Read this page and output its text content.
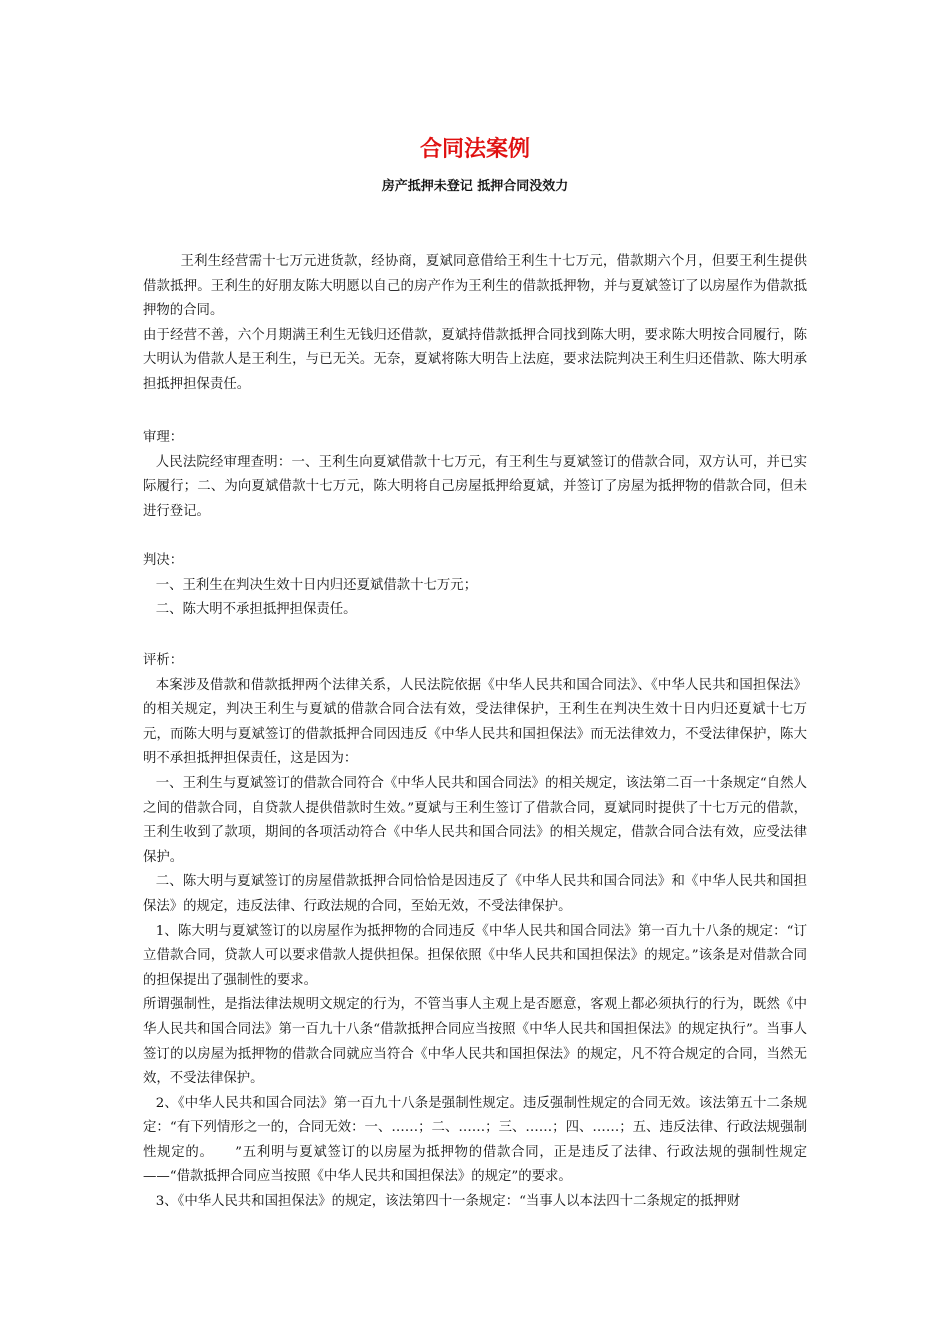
合同法案例
房产抵押未登记 抵押合同没效力

王利生经营需十七万元进货款，经协商，夏斌同意借给王利生十七万元，借款期六个月，但要王利生提供借款抵押。王利生的好朋友陈大明愿以自己的房产作为王利生的借款抵押物，并与夏斌签订了以房屋作为借款抵押物的合同。

由于经营不善，六个月期满王利生无钱归还借款，夏斌持借款抵押合同找到陈大明，要求陈大明按合同履行，陈大明认为借款人是王利生，与已无关。无奈，夏斌将陈大明告上法庭，要求法院判决王利生归还借款、陈大明承担抵押担保责任。

审理：

人民法院经审理查明：一、王利生向夏斌借款十七万元，有王利生与夏斌签订的借款合同，双方认可，并已实际履行；二、为向夏斌借款十七万元，陈大明将自己房屋抵押给夏斌，并签订了房屋为抵押物的借款合同，但未进行登记。

判决：

一、王利生在判决生效十日内归还夏斌借款十七万元；

二、陈大明不承担抵押担保责任。

评析：

本案涉及借款和借款抵押两个法律关系，人民法院依据《中华人民共和国合同法》、《中华人民共和国担保法》的相关规定，判决王利生与夏斌的借款合同合法有效，受法律保护，王利生在判决生效十日内归还夏斌十七万元，而陈大明与夏斌签订的借款抵押合同因违反《中华人民共和国担保法》而无法律效力，不受法律保护，陈大明不承担抵押担保责任，这是因为：

一、王利生与夏斌签订的借款合同符合《中华人民共和国合同法》的相关规定，该法第二百一十条规定“自然人之间的借款合同，自贷款人提供借款时生效。”夏斌与王利生签订了借款合同，夏斌同时提供了十七万元的借款，王利生收到了款项，期间的各项活动符合《中华人民共和国合同法》的相关规定，借款合同合法有效，应受法律保护。

二、陈大明与夏斌签订的房屋借款抵押合同恰恰是因违反了《中华人民共和国合同法》和《中华人民共和国担保法》的规定，违反法律、行政法规的合同，至始无效，不受法律保护。

1、陈大明与夏斌签订的以房屋作为抵押物的合同违反《中华人民共和国合同法》第一百九十八条的规定：“订立借款合同，贷款人可以要求借款人提供担保。担保依照《中华人民共和国担保法》的规定。”该条是对借款合同的担保提出了强制性的要求。

所谓强制性，是指法律法规明文规定的行为，不管当事人主观上是否愿意，客观上都必须执行的行为，既然《中华人民共和国合同法》第一百九十八条“借款抵押合同应当按照《中华人民共和国担保法》的规定执行”。当事人签订的以房屋为抵押物的借款合同就应当符合《中华人民共和国担保法》的规定，凡不符合规定的合同，当然无效，不受法律保护。

2、《中华人民共和国合同法》第一百九十八条是强制性规定。违反强制性规定的合同无效。该法第五十二条规定：“有下列情形之一的，合同无效：一、……；二、……；三、……；四、……；五、违反法律、行政法规强制性规定的。　　”五利明与夏斌签订的以房屋为抵押物的借款合同，正是违反了法律、行政法规的强制性规定——“借款抵押合同应当按照《中华人民共和国担保法》的规定”的要求。

3、《中华人民共和国担保法》的规定，该法第四十一条规定：“当事人以本法四十二条规定的抵押财
